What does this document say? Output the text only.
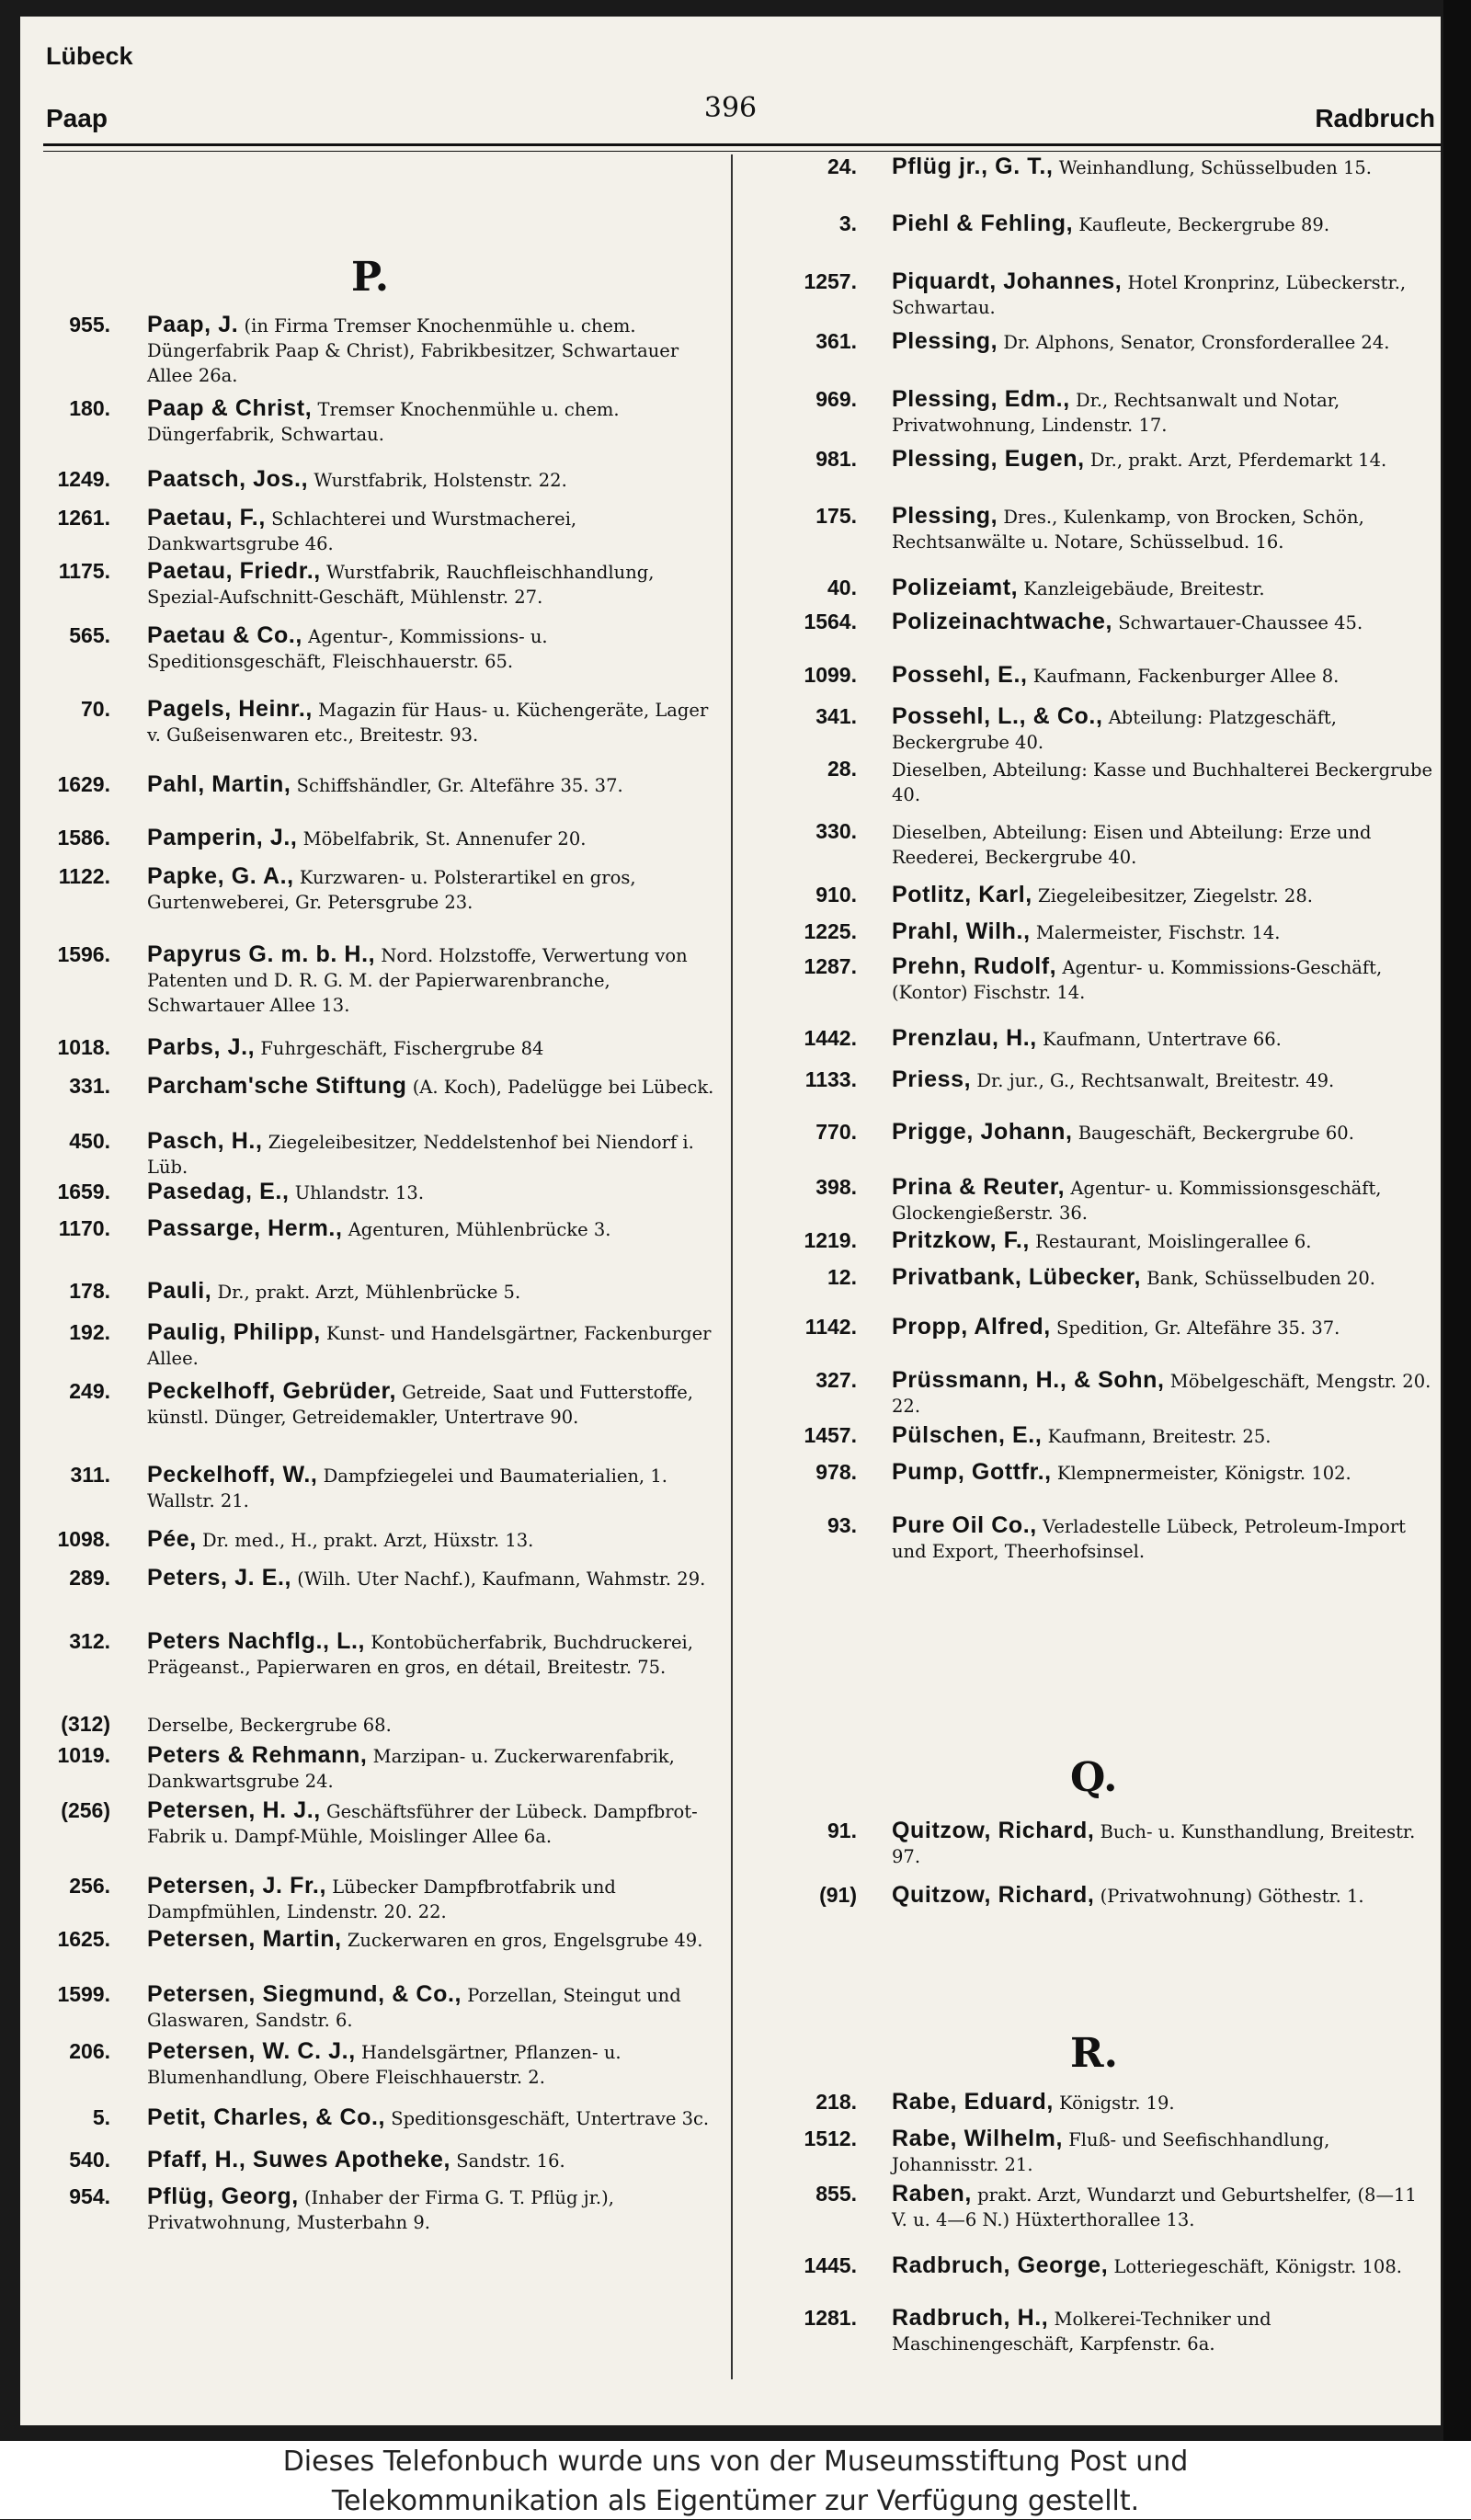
Lübeck
Paap	396	Radbruch
P.
955. Paap, J. (in Firma Tremser Knochenmühle u. chem. Düngerfabrik Paap & Christ), Fabrikbesitzer, Schwartauer Allee 26a.
180. Paap & Christ, Tremser Knochenmühle u. chem. Düngerfabrik, Schwartau.
1249. Paatsch, Jos., Wurstfabrik, Holstenstr. 22.
1261. Paetau, F., Schlachterei und Wurstmacherei, Dankwartsgrube 46.
1175. Paetau, Friedr., Wurstfabrik, Rauchfleischhandlung, Spezial-Aufschnitt-Geschäft, Mühlenstr. 27.
565. Paetau & Co., Agentur-, Kommissions- u. Speditionsgeschäft, Fleischhauerstr. 65.
70. Pagels, Heinr., Magazin für Haus- u. Küchengeräte, Lager v. Gußeisenwaren etc., Breitestr. 93.
1629. Pahl, Martin, Schiffshändler, Gr. Altefähre 35. 37.
1586. Pamperin, J., Möbelfabrik, St. Annenufer 20.
1122. Papke, G. A., Kurzwaren- u. Polsterartikel en gros, Gurtenweberei, Gr. Petersgrube 23.
1596. Papyrus G. m. b. H., Nord. Holzstoffe, Verwertung von Patenten und D. R. G. M. der Papierwarenbranche, Schwartauer Allee 13.
1018. Parbs, J., Fuhrgeschäft, Fischergrube 84
331. Parcham'sche Stiftung (A. Koch), Padelügge bei Lübeck.
450. Pasch, H., Ziegeleibesitzer, Neddelstenhof bei Niendorf i. Lüb.
1659. Pasedag, E., Uhlandstr. 13.
1170. Passarge, Herm., Agenturen, Mühlenbrücke 3.
178. Pauli, Dr., prakt. Arzt, Mühlenbrücke 5.
192. Paulig, Philipp, Kunst- und Handelsgärtner, Fackenburger Allee.
249. Peckelhoff, Gebrüder, Getreide, Saat und Futterstoffe, künstl. Dünger, Getreidemakler, Untertrave 90.
311. Peckelhoff, W., Dampfziegelei und Baumaterialien, 1. Wallstr. 21.
1098. Pée, Dr. med., H., prakt. Arzt, Hüxstr. 13.
289. Peters, J. E., (Wilh. Uter Nachf.), Kaufmann, Wahmstr. 29.
312. Peters Nachflg., L., Kontobücherfabrik, Buchdruckerei, Prägeanst., Papierwaren en gros, en détail, Breitestr. 75.
(312) Derselbe, Beckergrube 68.
1019. Peters & Rehmann, Marzipan- u. Zuckerwarenfabrik, Dankwartsgrube 24.
(256) Petersen, H. J., Geschäftsführer der Lübeck. Dampfbrot-Fabrik u. Dampf-Mühle, Moislinger Allee 6a.
256. Petersen, J. Fr., Lübecker Dampfbrotfabrik und Dampfmühlen, Lindenstr. 20. 22.
1625. Petersen, Martin, Zuckerwaren en gros, Engelsgrube 49.
1599. Petersen, Siegmund, & Co., Porzellan, Steingut und Glaswaren, Sandstr. 6.
206. Petersen, W. C. J., Handelsgärtner, Pflanzen- u. Blumenhandlung, Obere Fleischhauerstr. 2.
5. Petit, Charles, & Co., Speditionsgeschäft, Untertrave 3c.
540. Pfaff, H., Suwes Apotheke, Sandstr. 16.
954. Pflüg, Georg, (Inhaber der Firma G. T. Pflüg jr.), Privatwohnung, Musterbahn 9.
Q.
R.
24. Pflüg jr., G. T., Weinhandlung, Schüsselbuden 15.
3. Piehl & Fehling, Kaufleute, Beckergrube 89.
1257. Piquardt, Johannes, Hotel Kronprinz, Lübeckerstr., Schwartau.
361. Plessing, Dr. Alphons, Senator, Cronsforderallee 24.
969. Plessing, Edm., Dr., Rechtsanwalt und Notar, Privatwohnung, Lindenstr. 17.
981. Plessing, Eugen, Dr., prakt. Arzt, Pferdemarkt 14.
175. Plessing, Dres., Kulenkamp, von Brocken, Schön, Rechtsanwälte u. Notare, Schüsselbud. 16.
40. Polizeiamt, Kanzleigebäude, Breitestr.
1564. Polizeinachtwache, Schwartauer-Chaussee 45.
1099. Possehl, E., Kaufmann, Fackenburger Allee 8.
341. Possehl, L., & Co., Abteilung: Platzgeschäft, Beckergrube 40.
28. Dieselben, Abteilung: Kasse und Buchhalterei Beckergrube 40.
330. Dieselben, Abteilung: Eisen und Abteilung: Erze und Reederei, Beckergrube 40.
910. Potlitz, Karl, Ziegeleibesitzer, Ziegelstr. 28.
1225. Prahl, Wilh., Malermeister, Fischstr. 14.
1287. Prehn, Rudolf, Agentur- u. Kommissions-Geschäft, (Kontor) Fischstr. 14.
1442. Prenzlau, H., Kaufmann, Untertrave 66.
1133. Priess, Dr. jur., G., Rechtsanwalt, Breitestr. 49.
770. Prigge, Johann, Baugeschäft, Beckergrube 60.
398. Prina & Reuter, Agentur- u. Kommissionsgeschäft, Glockengießerstr. 36.
1219. Pritzkow, F., Restaurant, Moislingerallee 6.
12. Privatbank, Lübecker, Bank, Schüsselbuden 20.
1142. Propp, Alfred, Spedition, Gr. Altefähre 35. 37.
327. Prüssmann, H., & Sohn, Möbelgeschäft, Mengstr. 20. 22.
1457. Pülschen, E., Kaufmann, Breitestr. 25.
978. Pump, Gottfr., Klempnermeister, Königstr. 102.
93. Pure Oil Co., Verladestelle Lübeck, Petroleum-Import und Export, Theerhofsinsel.
91. Quitzow, Richard, Buch- u. Kunsthandlung, Breitestr. 97.
(91) Quitzow, Richard, (Privatwohnung) Göthestr. 1.
218. Rabe, Eduard, Königstr. 19.
1512. Rabe, Wilhelm, Fluß- und Seefischhandlung, Johannisstr. 21.
855. Raben, prakt. Arzt, Wundarzt und Geburtshelfer, (8—11 V. u. 4—6 N.) Hüxterthorallee 13.
1445. Radbruch, George, Lotteriegeschäft, Königstr. 108.
1281. Radbruch, H., Molkerei-Techniker und Maschinengeschäft, Karpfenstr. 6a.
Dieses Telefonbuch wurde uns von der Museumsstiftung Post und
Telekommunikation als Eigentümer zur Verfügung gestellt.
